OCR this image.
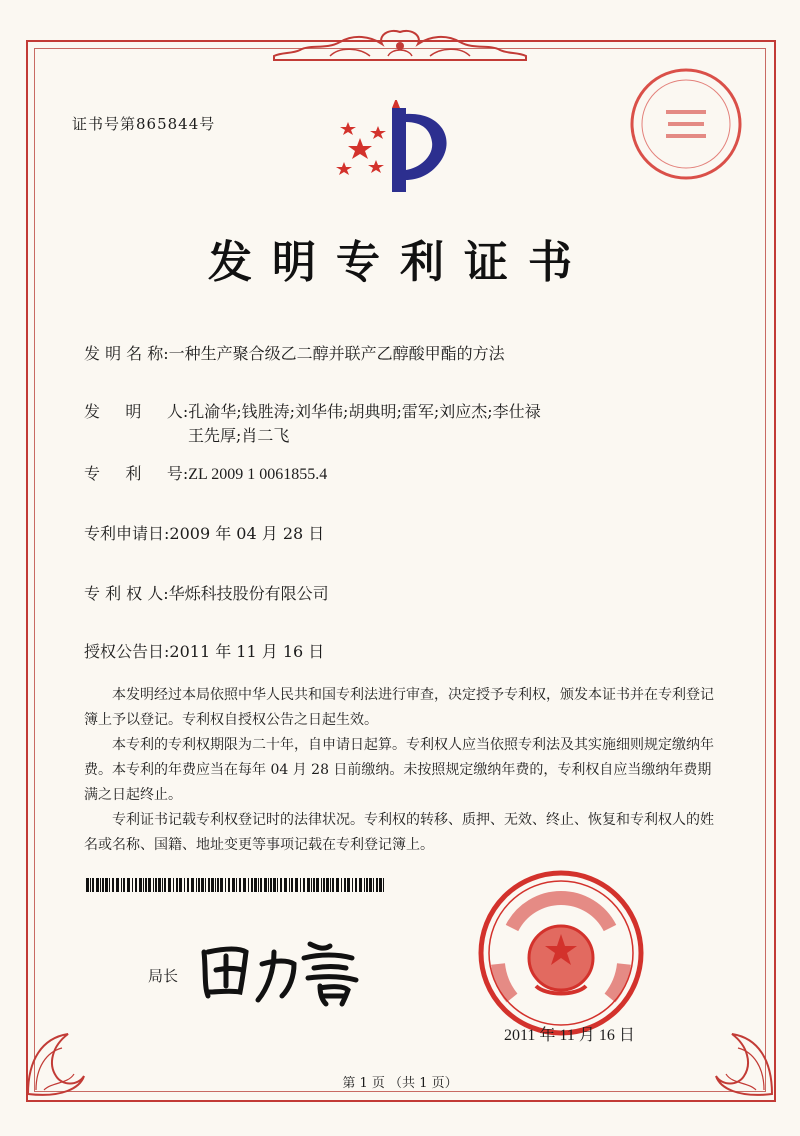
证书号第865844号
发明专利证书
发 明 名 称:一种生产聚合级乙二醇并联产乙醇酸甲酯的方法
发     明     人:孔渝华;钱胜涛;刘华伟;胡典明;雷军;刘应杰;李仕禄
王先厚;肖二飞
专     利     号:ZL 2009 1 0061855.4
专利申请日:2009 年 04 月 28 日
专 利 权 人:华烁科技股份有限公司
授权公告日:2011 年 11 月 16 日

本发明经过本局依照中华人民共和国专利法进行审查，决定授予专利权，颁发本证书并在专利登记簿上予以登记。专利权自授权公告之日起生效。

本专利的专利权期限为二十年，自申请日起算。专利权人应当依照专利法及其实施细则规定缴纳年费。本专利的年费应当在每年 04 月 28 日前缴纳。未按照规定缴纳年费的，专利权自应当缴纳年费期满之日起终止。

专利证书记载专利权登记时的法律状况。专利权的转移、质押、无效、终止、恢复和专利权人的姓名或名称、国籍、地址变更等事项记载在专利登记簿上。

局长
2011 年 11 月 16 日
第 1 页 （共 1 页）
